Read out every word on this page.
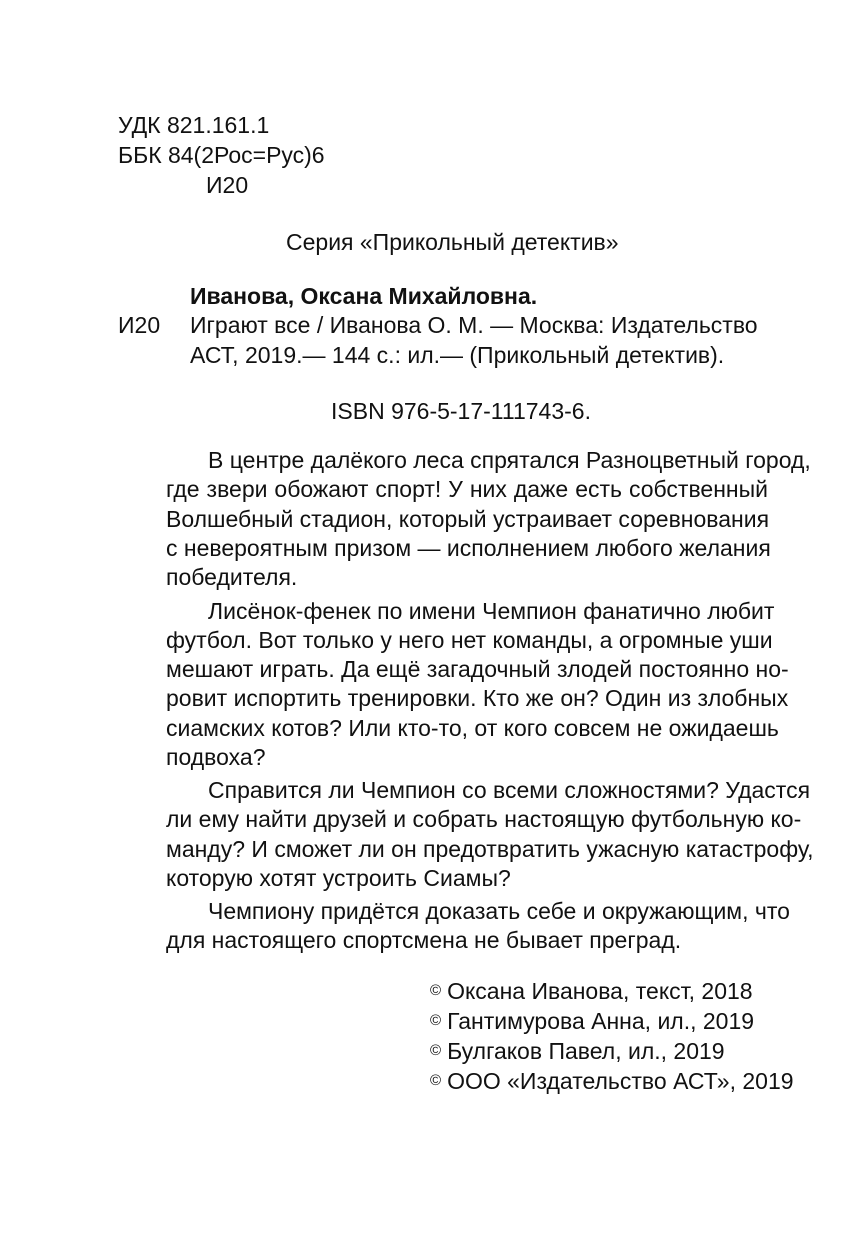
УДК 821.161.1
ББК 84(2Рос=Рус)6
И20
Серия «Прикольный детектив»
Иванова, Оксана Михайловна.
И20 Играют все / Иванова О. М. — Москва: Издательство
АСТ, 2019.— 144 с.: ил.— (Прикольный детектив).
ISBN 976-5-17-111743-6.
В центре далёкого леса спрятался Разноцветный город,
где звери обожают спорт! У них даже есть собственный
Волшебный стадион, который устраивает соревнования
с невероятным призом — исполнением любого желания
победителя.
Лисёнок-фенек по имени Чемпион фанатично любит
футбол. Вот только у него нет команды, а огромные уши
мешают играть. Да ещё загадочный злодей постоянно но-
ровит испортить тренировки. Кто же он? Один из злобных
сиамских котов? Или кто-то, от кого совсем не ожидаешь
подвоха?
Справится ли Чемпион со всеми сложностями? Удастся
ли ему найти друзей и собрать настоящую футбольную ко-
манду? И сможет ли он предотвратить ужасную катастрофу,
которую хотят устроить Сиамы?
Чемпиону придётся доказать себе и окружающим, что
для настоящего спортсмена не бывает преград.
© Оксана Иванова, текст, 2018
© Гантимурова Анна, ил., 2019
© Булгаков Павел, ил., 2019
© ООО «Издательство АСТ», 2019
